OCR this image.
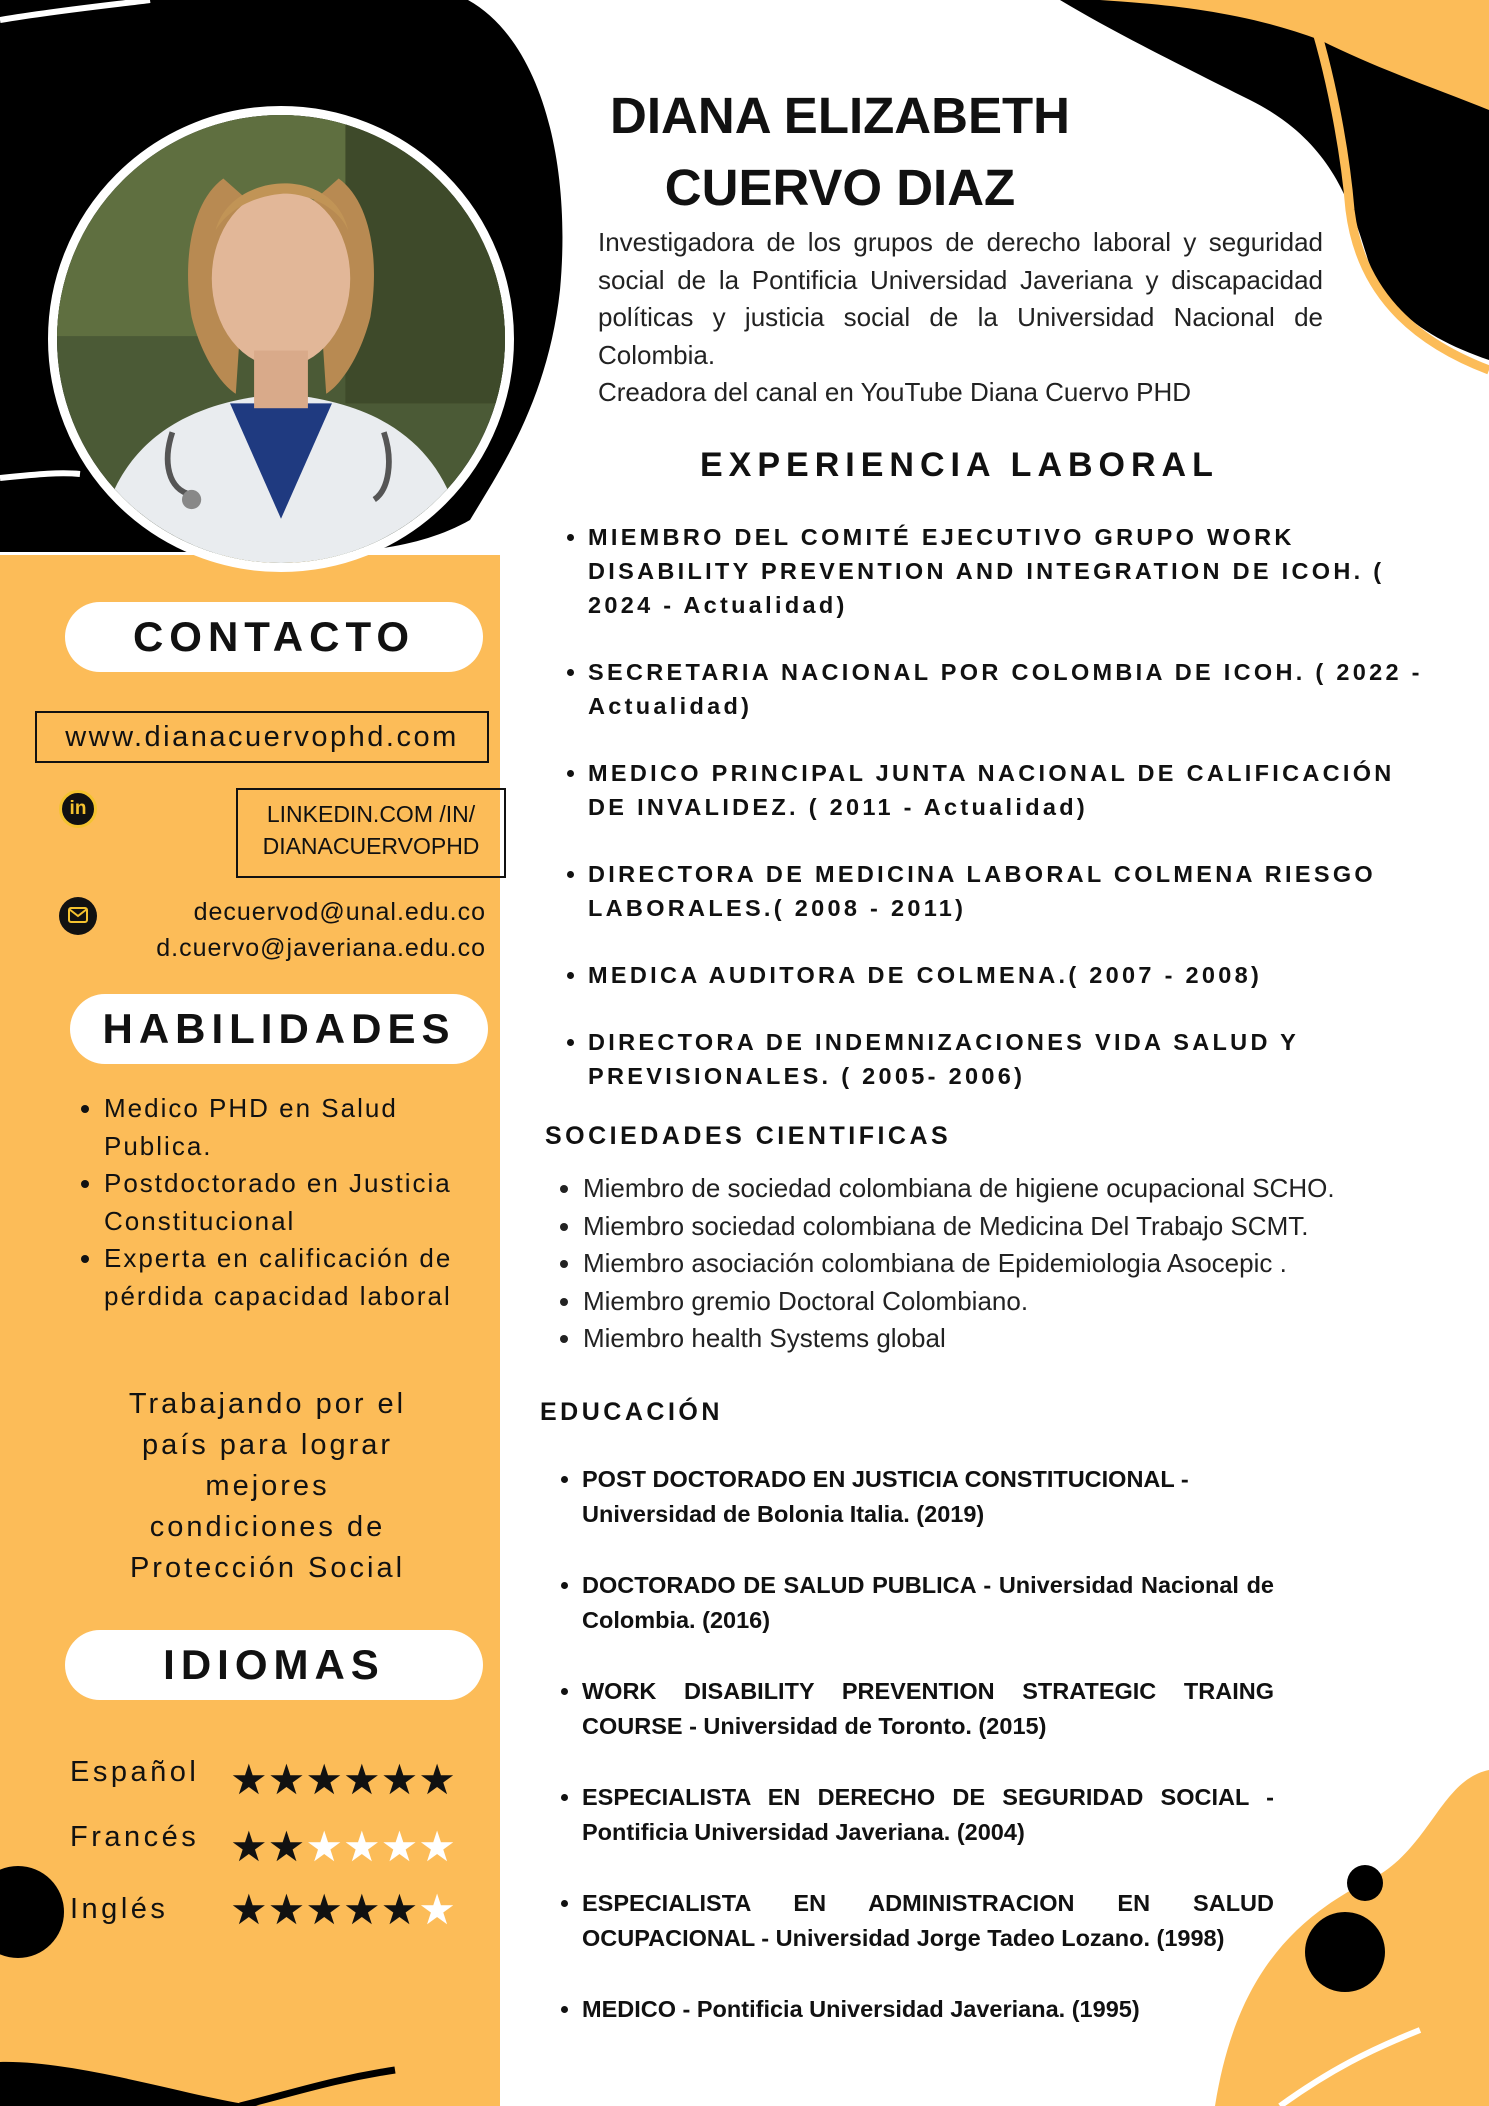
DIANA ELIZABETH
CUERVO DIAZ

Investigadora de los grupos de derecho laboral y seguridad social de la Pontificia Universidad Javeriana y discapacidad políticas y justicia social de la Universidad Nacional de Colombia.

Creadora del canal en YouTube Diana Cuervo PHD

EXPERIENCIA LABORAL
• MIEMBRO DEL COMITÉ EJECUTIVO GRUPO WORK DISABILITY PREVENTION AND INTEGRATION DE ICOH. ( 2024 - Actualidad)
• SECRETARIA NACIONAL POR COLOMBIA DE ICOH. ( 2022 - Actualidad)
• MEDICO PRINCIPAL JUNTA NACIONAL DE CALIFICACIÓN DE INVALIDEZ. ( 2011 - Actualidad)
• DIRECTORA DE MEDICINA LABORAL COLMENA RIESGO LABORALES.( 2008 - 2011)
• MEDICA AUDITORA DE COLMENA.( 2007 - 2008)
• DIRECTORA DE INDEMNIZACIONES VIDA SALUD Y PREVISIONALES. ( 2005- 2006)
SOCIEDADES CIENTIFICAS
• Miembro de sociedad colombiana de higiene ocupacional SCHO.
• Miembro sociedad colombiana de Medicina Del Trabajo SCMT.
• Miembro asociación colombiana de Epidemiologia Asocepic .
• Miembro gremio Doctoral Colombiano.
• Miembro health Systems global
EDUCACIÓN
• POST DOCTORADO EN JUSTICIA CONSTITUCIONAL - Universidad de Bolonia Italia. (2019)
• DOCTORADO DE SALUD PUBLICA - Universidad Nacional de Colombia. (2016)
• WORK DISABILITY PREVENTION STRATEGIC TRAING COURSE - Universidad de Toronto. (2015)
• ESPECIALISTA EN DERECHO DE SEGURIDAD SOCIAL - Pontificia Universidad Javeriana. (2004)
• ESPECIALISTA EN ADMINISTRACION EN SALUD OCUPACIONAL - Universidad Jorge Tadeo Lozano. (1998)
• MEDICO - Pontificia Universidad Javeriana. (1995)
CONTACTO
www.dianacuervophd.com
in	LINKEDIN.COM /IN/
DIANACUERVOPHD
decuervod@unal.edu.co
d.cuervo@javeriana.edu.co
HABILIDADES
• Medico PHD en Salud Publica.
• Postdoctorado en Justicia Constitucional
• Experta en calificación de pérdida capacidad laboral
Trabajando por el
país para lograr
mejores
condiciones de
Protección Social
IDIOMAS
Español ★★★★★★
Francés ★★★★★★
Inglés ★★★★★★
